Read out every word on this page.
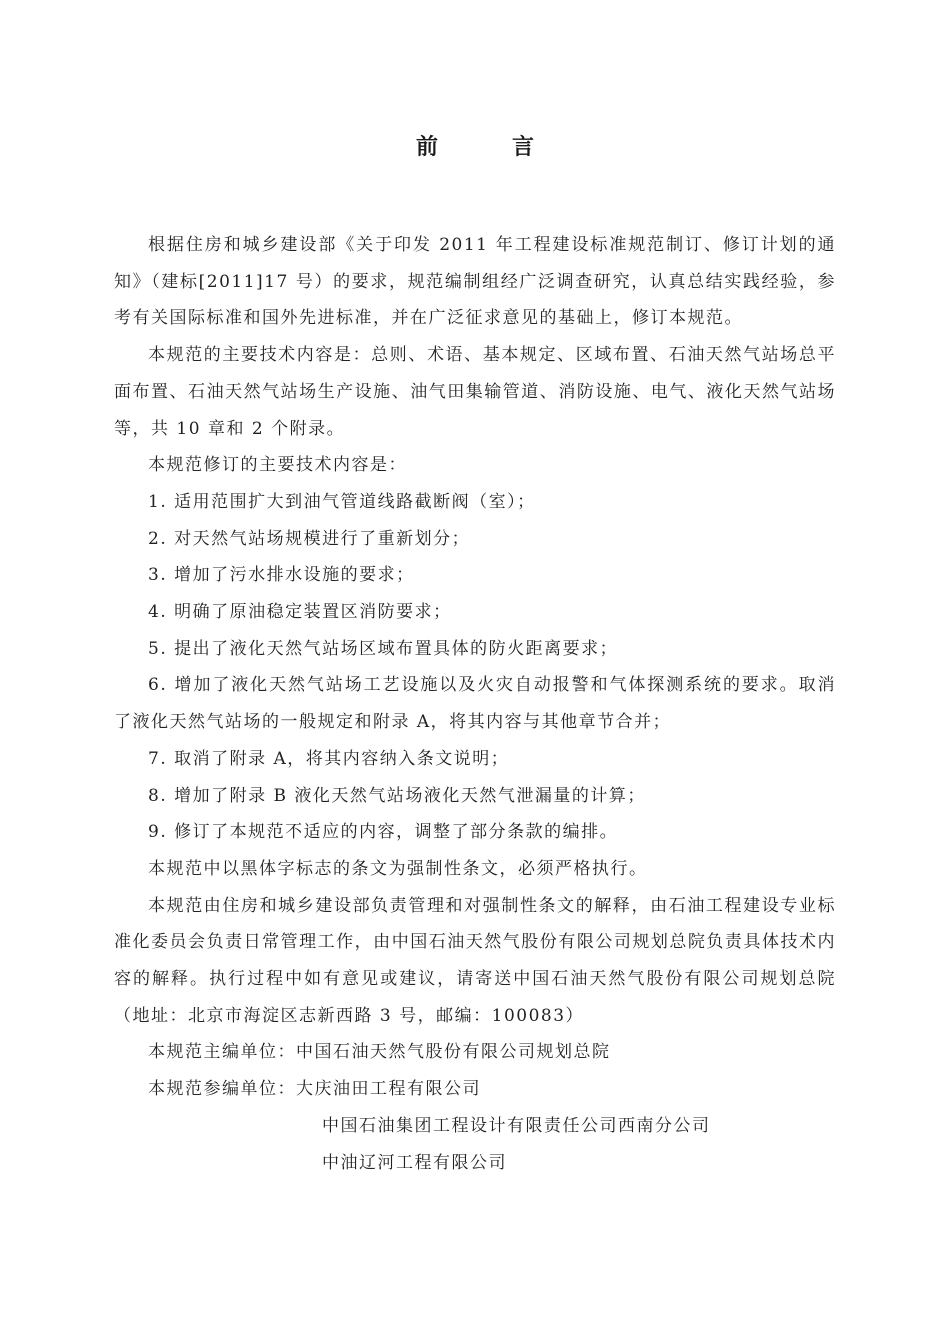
前　言

根据住房和城乡建设部《关于印发 2011 年工程建设标准规范制订、修订计划的通知》（建标[2011]17 号）的要求，规范编制组经广泛调查研究，认真总结实践经验，参考有关国际标准和国外先进标准，并在广泛征求意见的基础上，修订本规范。

本规范的主要技术内容是：总则、术语、基本规定、区域布置、石油天然气站场总平面布置、石油天然气站场生产设施、油气田集输管道、消防设施、电气、液化天然气站场等，共 10 章和 2 个附录。

本规范修订的主要技术内容是：

1. 适用范围扩大到油气管道线路截断阀（室）；

2. 对天然气站场规模进行了重新划分；

3. 增加了污水排水设施的要求；

4. 明确了原油稳定装置区消防要求；

5. 提出了液化天然气站场区域布置具体的防火距离要求；

6. 增加了液化天然气站场工艺设施以及火灾自动报警和气体探测系统的要求。取消了液化天然气站场的一般规定和附录 A，将其内容与其他章节合并；

7. 取消了附录 A，将其内容纳入条文说明；

8. 增加了附录 B 液化天然气站场液化天然气泄漏量的计算；

9. 修订了本规范不适应的内容，调整了部分条款的编排。

本规范中以黑体字标志的条文为强制性条文，必须严格执行。

本规范由住房和城乡建设部负责管理和对强制性条文的解释，由石油工程建设专业标准化委员会负责日常管理工作，由中国石油天然气股份有限公司规划总院负责具体技术内容的解释。执行过程中如有意见或建议，请寄送中国石油天然气股份有限公司规划总院（地址：北京市海淀区志新西路 3 号，邮编：100083）

本规范主编单位：中国石油天然气股份有限公司规划总院

本规范参编单位：大庆油田工程有限公司

中国石油集团工程设计有限责任公司西南分公司

中油辽河工程有限公司
